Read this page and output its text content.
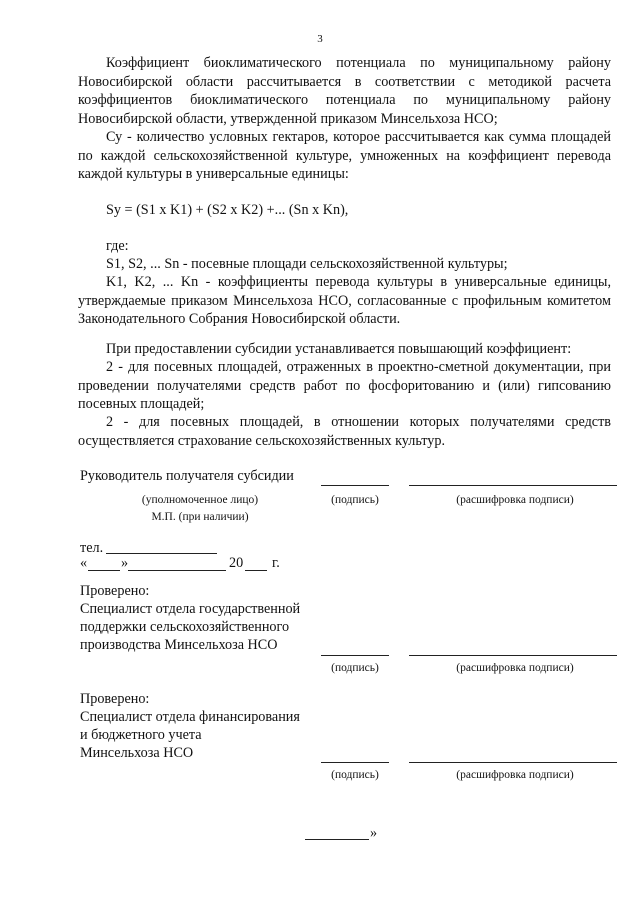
3

Коэффициент биоклиматического потенциала по муниципальному району Новосибирской области рассчитывается в соответствии с методикой расчета коэффициентов биоклиматического потенциала по муниципальному району Новосибирской области, утвержденной приказом Минсельхоза НСО;

Су - количество условных гектаров, которое рассчитывается как сумма площадей по каждой сельскохозяйственной культуре, умноженных на коэффициент перевода каждой культуры в универсальные единицы:

Sy = (S1 x K1) + (S2 x K2) +... (Sn x Kn),
где:

S1, S2, ... Sn - посевные площади сельскохозяйственной культуры;

K1, K2, ... Kn - коэффициенты перевода культуры в универсальные единицы, утверждаемые приказом Минсельхоза НСО, согласованные с профильным комитетом Законодательного Собрания Новосибирской области.

При предоставлении субсидии устанавливается повышающий коэффициент:

2 - для посевных площадей, отраженных в проектно-сметной документации, при проведении получателями средств работ по фосфоритованию и (или) гипсованию посевных площадей;

2 - для посевных площадей, в отношении которых получателями средств осуществляется страхование сельскохозяйственных культур.

Руководитель получателя субсидии
(уполномоченное лицо)
М.П. (при наличии)
(подпись)	(расшифровка подписи)
тел.
« »	20 г.
Проверено:
Специалист отдела государственной
поддержки сельскохозяйственного
производства Минсельхоза НСО
(подпись)	(расшифровка подписи)
Проверено:
Специалист отдела финансирования
и бюджетного учета
Минсельхоза НСО
(подпись)	(расшифровка подписи)
»
